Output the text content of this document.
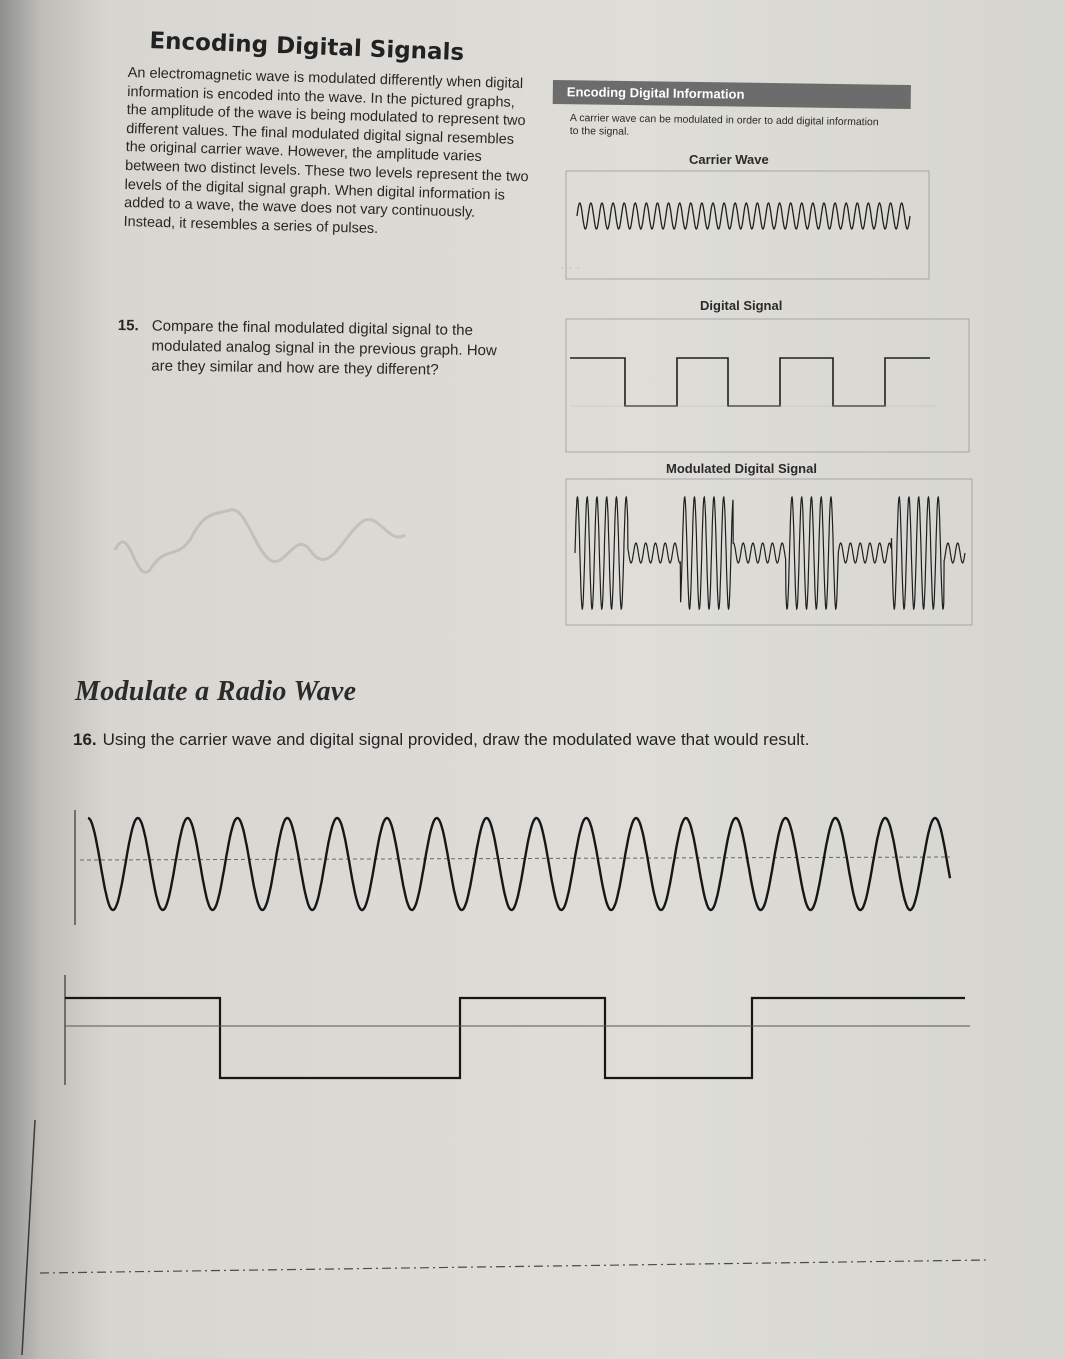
Encoding Digital Signals
An electromagnetic wave is modulated differently when digital information is encoded into the wave. In the pictured graphs, the amplitude of the wave is being modulated to represent two different values. The final modulated digital signal resembles the original carrier wave. However, the amplitude varies between two distinct levels. These two levels represent the two levels of the digital signal graph. When digital information is added to a wave, the wave does not vary continuously. Instead, it resembles a series of pulses.
15. Compare the final modulated digital signal to the modulated analog signal in the previous graph. How are they similar and how are they different?
Encoding Digital Information
A carrier wave can be modulated in order to add digital information to the signal.
Carrier Wave
Digital Signal
Modulated Digital Signal
Modulate a Radio Wave
16. Using the carrier wave and digital signal provided, draw the modulated wave that would result.
· · ·
